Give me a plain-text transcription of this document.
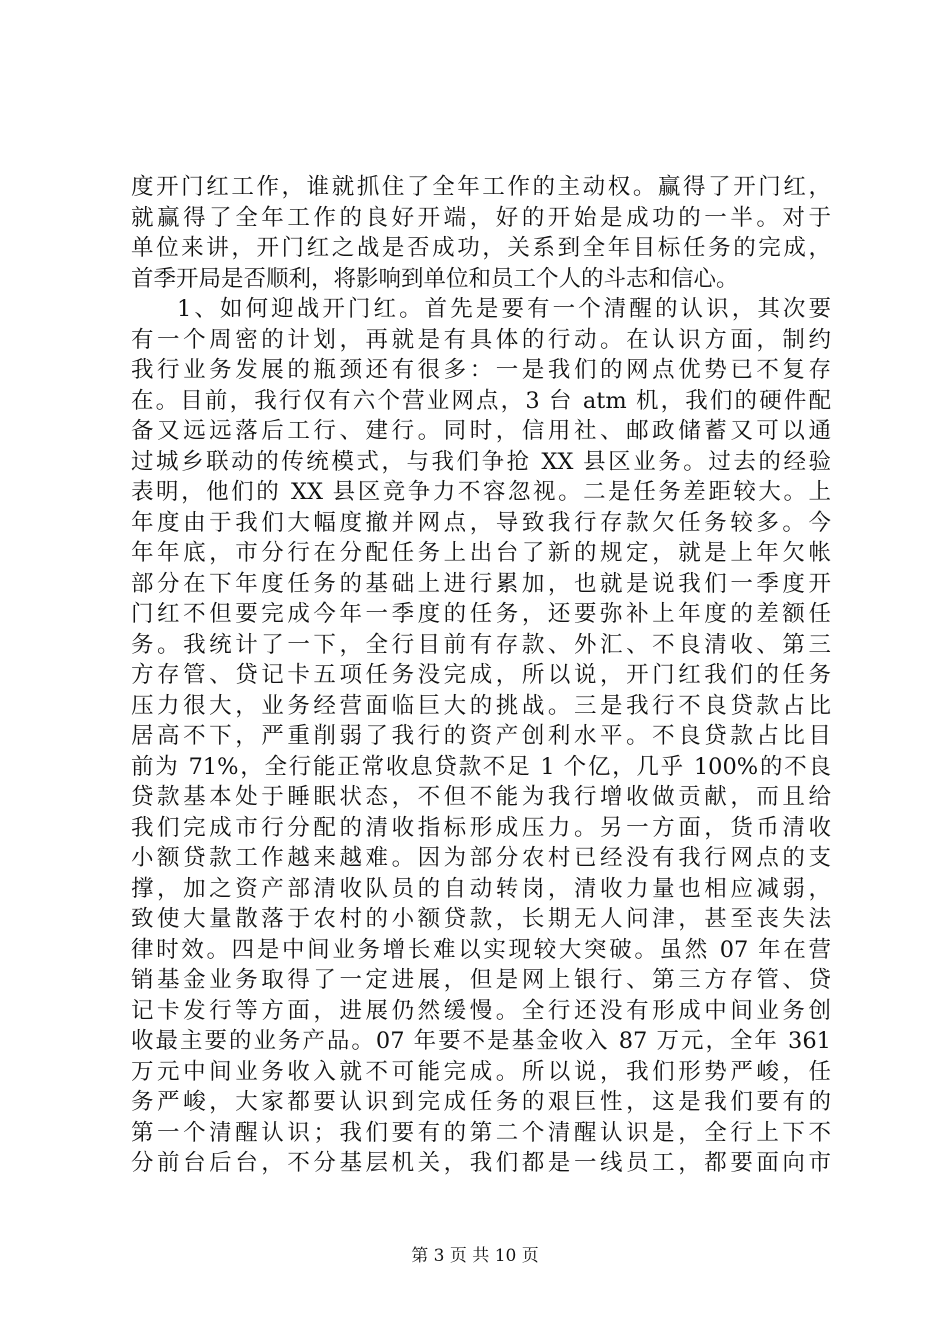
度开门红工作，谁就抓住了全年工作的主动权。赢得了开门红，
就赢得了全年工作的良好开端，好的开始是成功的一半。对于
单位来讲，开门红之战是否成功，关系到全年目标任务的完成，
首季开局是否顺利，将影响到单位和员工个人的斗志和信心。
1、如何迎战开门红。首先是要有一个清醒的认识，其次要
有一个周密的计划，再就是有具体的行动。在认识方面，制约
我行业务发展的瓶颈还有很多：一是我们的网点优势已不复存
在。目前，我行仅有六个营业网点，3 台 atm 机，我们的硬件配
备又远远落后工行、建行。同时，信用社、邮政储蓄又可以通
过城乡联动的传统模式，与我们争抢 XX 县区业务。过去的经验
表明，他们的 XX 县区竞争力不容忽视。二是任务差距较大。上
年度由于我们大幅度撤并网点，导致我行存款欠任务较多。今
年年底，市分行在分配任务上出台了新的规定，就是上年欠帐
部分在下年度任务的基础上进行累加，也就是说我们一季度开
门红不但要完成今年一季度的任务，还要弥补上年度的差额任
务。我统计了一下，全行目前有存款、外汇、不良清收、第三
方存管、贷记卡五项任务没完成，所以说，开门红我们的任务
压力很大，业务经营面临巨大的挑战。三是我行不良贷款占比
居高不下，严重削弱了我行的资产创利水平。不良贷款占比目
前为 71%，全行能正常收息贷款不足 1 个亿，几乎 100%的不良
贷款基本处于睡眠状态，不但不能为我行增收做贡献，而且给
我们完成市行分配的清收指标形成压力。另一方面，货币清收
小额贷款工作越来越难。因为部分农村已经没有我行网点的支
撑，加之资产部清收队员的自动转岗，清收力量也相应减弱，
致使大量散落于农村的小额贷款，长期无人问津，甚至丧失法
律时效。四是中间业务增长难以实现较大突破。虽然 07 年在营
销基金业务取得了一定进展，但是网上银行、第三方存管、贷
记卡发行等方面，进展仍然缓慢。全行还没有形成中间业务创
收最主要的业务产品。07 年要不是基金收入 87 万元，全年 361
万元中间业务收入就不可能完成。所以说，我们形势严峻，任
务严峻，大家都要认识到完成任务的艰巨性，这是我们要有的
第一个清醒认识；我们要有的第二个清醒认识是，全行上下不
分前台后台，不分基层机关，我们都是一线员工，都要面向市
第 3 页 共 10 页
